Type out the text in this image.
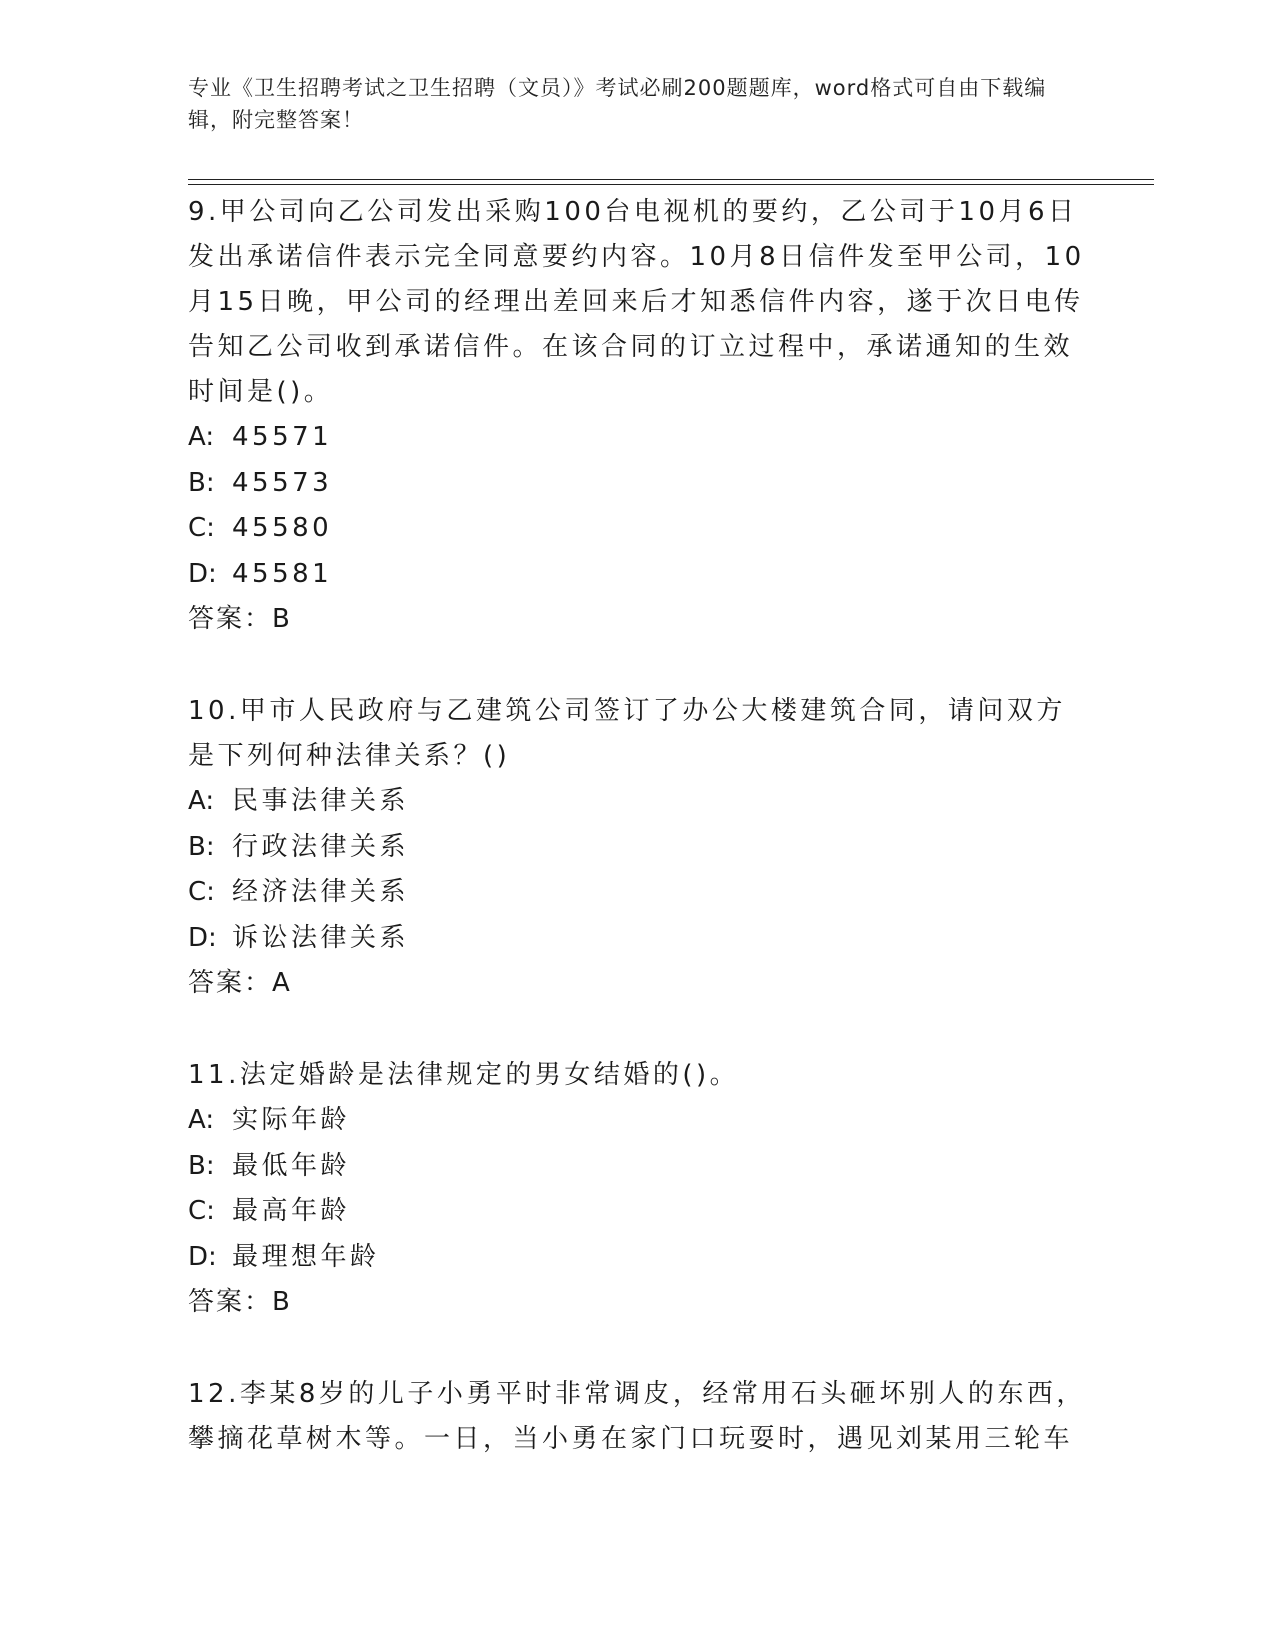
专业《卫生招聘考试之卫生招聘（文员）》考试必刷200题题库，word格式可自由下载编辑，附完整答案！

9.甲公司向乙公司发出采购100台电视机的要约，乙公司于10月6日发出承诺信件表示完全同意要约内容。10月8日信件发至甲公司，10月15日晚，甲公司的经理出差回来后才知悉信件内容，遂于次日电传告知乙公司收到承诺信件。在该合同的订立过程中，承诺通知的生效时间是()。

A: 45571
B: 45573
C: 45580
D: 45581

答案：B

10.甲市人民政府与乙建筑公司签订了办公大楼建筑合同，请问双方是下列何种法律关系？()

A: 民事法律关系
B: 行政法律关系
C: 经济法律关系
D: 诉讼法律关系

答案：A

11.法定婚龄是法律规定的男女结婚的()。

A: 实际年龄
B: 最低年龄
C: 最高年龄
D: 最理想年龄

答案：B

12.李某8岁的儿子小勇平时非常调皮，经常用石头砸坏别人的东西，攀摘花草树木等。一日，当小勇在家门口玩耍时，遇见刘某用三轮车
